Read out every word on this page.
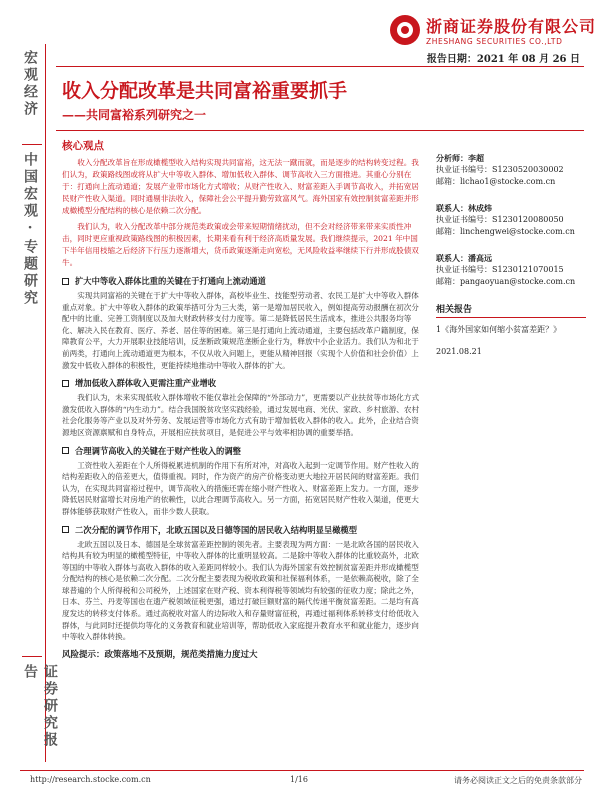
浙商证券股份有限公司
ZHESHANG SECURITIES CO.,LTD
报告日期：2021 年 08 月 26 日
宏观经济
中国宏观·专题研究
证券研究报告
收入分配改革是共同富裕重要抓手
——共同富裕系列研究之一
核心观点

收入分配改革旨在形成橄榄型收入结构实现共同富裕，这无法一蹴而就，而是逐步的结构转变过程。我们认为，政策路线图或将从扩大中等收入群体、增加低收入群体、调节高收入三方面推进。其重心分别在于：打通向上流动通道；发展产业带市场化方式增收；从财产性收入、财富差距入手调节高收入，并拓宽居民财产性收入渠道。同时通剔非法收入，保障社会公平提升勤劳致富风气。海外国家有效控制贫富差距并形成橄榄型分配结构的核心是依赖二次分配。

我们认为，收入分配改革中部分规范类政策或会带来短期情绪扰动，但不会对经济带来带来实质性冲击，同时更应重视政策路线图的积极因素，长期来看有利于经济高质量发展。我们继续提示，2021 年中国下半年信用枝缩之后经济下行压力逐渐增大，货币政策逐渐走向宽松，无风险收益率继续下行并形成股债双牛。

扩大中等收入群体比重的关键在于打通向上流动通道
实现共同富裕的关键在于扩大中等收入群体，高校毕业生、技能型劳动者、农民工是扩大中等收入群体重点对象。扩大中等收入群体的政策举措可分为三大类，第一是增加居民收入，例如提高劳动报酬在初次分配中的比重、完善工资制度以及加大财政转移支付力度等。第二是降低居民生活成本，推进公共服务均等化、解决入民在教育、医疗、养老、居住等的困难。第三是打通向上流动通道，主要包括改革户籍制度，保障教育公平，大力开展职业技能培训，反垄断政策规范垄断企业行为，释放中小企业活力。我们认为和北于前两类，打通向上流动通道更为根本，不仅从收入问题上，更能从精神回报（实现个人价值和社会价值）上激发中低收入群体的积极性，更能持续地推动中等收入群体的扩大。
增加低收入群体收入更需注重产业增收
我们认为，未来实现低收入群体增收不能仅靠社会保障的“外部动力”，更需要以产业扶贫等市场化方式激发低收入群体的“内生动力”。结合我国脱贫攻坚实践经验，通过发展电商、光伏、家政、乡村旅游、农村社会化服务等产业以及对外劳务、发展运营等市场化方式有助于增加低收入群体的收入。此外，企业结合资源地区资源禀赋和自身特点，开展相应扶贫项目，是促进公平与效率相协调的重要举措。
合理调节高收入的关键在于财产性收入的调整
工资性收入差距在个人所得税累进机制的作用下有所对冲，对高收入起到一定调节作用。财产性收入的结构差距收入的倍差更大，值得重视。同时，作为资产的房产价格变动更大地拉开居民间的财富差距。我们认为，在实现共同富裕过程中，调节高收入的措施还需在缩小财产性收入、财富差距上发力。一方面，逐步降低居民财富增长对房地产的依赖性，以此合理调节高收入。另一方面，拓宽居民财产性收入渠道，使更大群体能够获取财产性收入，而非少数人获取。
二次分配的调节作用下，北欧五国以及日德等国的居民收入结构明显呈橄榄型
北欧五国以及日本、德国是全球贫富差距控制的领先者。主要表现为两方面：一是北欧各国的居民收入结构具有较为明显的橄榄型特征，中等收入群体的比重明显较高。二是除中等收入群体的比重较高外，北欧等国的中等收入群体与高收入群体的收入差距同样较小。我们认为海外国家有效控制贫富差距并形成橄榄型分配结构的核心是依赖二次分配。二次分配主要表现为税收政策和社保福利体系，一是依赖高税收，除了全球普遍的个人所得税和公司税外，上述国家在财产税、资本利得税等领域均有较强的征收力度；除此之外，日本、芬兰、丹麦等国也在遗产税领域征税更强，通过打破巨额财富的隔代传递平衡贫富差距。二是均有高度发达的转移支付体系。通过高税收对富人的边际收入和存量财富征税，再通过福利体系转移支付给低收入群体，与此同时还提供均等化的义务教育和就业培训等，帮助低收入家庭提升教育水平和就业能力，逐步向中等收入群体转换。
风险提示：政策落地不及预期，规范类措施力度过大
分析师：李超
执业证书编号：S1230520030002
邮箱：lichao1@stocke.com.cn
联系人：林成炜
执业证书编号：S1230120080050
邮箱：linchengwei@stocke.com.cn
联系人：潘高远
执业证书编号：S1230121070015
邮箱：pangaoyuan@stocke.com.cn
相关报告
1《海外国家如何缩小贫富差距？》
2021.08.21
http://research.stocke.com.cn	1/16	请务必阅读正文之后的免责条款部分
